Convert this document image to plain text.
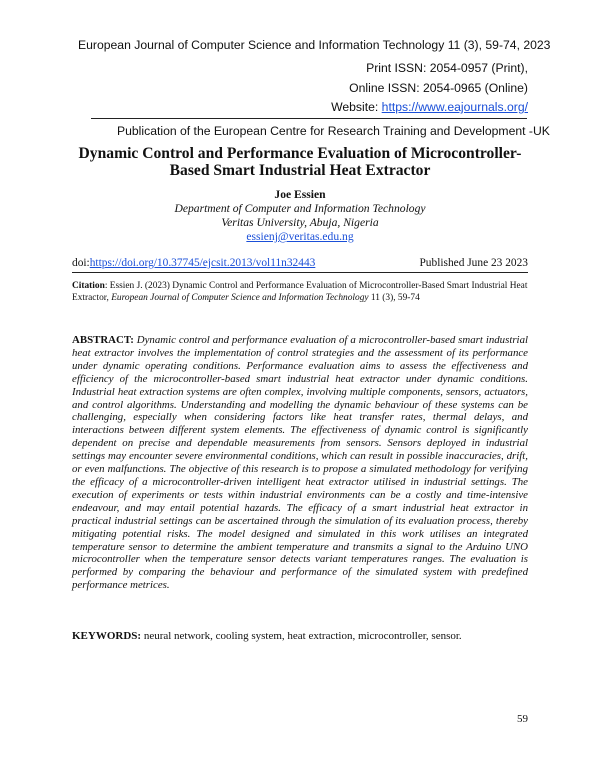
European Journal of Computer Science and Information Technology 11 (3), 59-74, 2023
Print ISSN: 2054-0957 (Print),
Online ISSN: 2054-0965 (Online)
Website: https://www.eajournals.org/
Publication of the European Centre for Research Training and Development -UK
Dynamic Control and Performance Evaluation of Microcontroller-
Based Smart Industrial Heat Extractor
Joe Essien
Department of Computer and Information Technology
Veritas University, Abuja, Nigeria
essienj@veritas.edu.ng
doi:https://doi.org/10.37745/ejcsit.2013/vol11n32443	Published June 23 2023
Citation: Essien J. (2023) Dynamic Control and Performance Evaluation of Microcontroller-Based Smart Industrial Heat Extractor, European Journal of Computer Science and Information Technology 11 (3), 59-74
ABSTRACT: Dynamic control and performance evaluation of a microcontroller-based smart industrial heat extractor involves the implementation of control strategies and the assessment of its performance under dynamic operating conditions. Performance evaluation aims to assess the effectiveness and efficiency of the microcontroller-based smart industrial heat extractor under dynamic conditions. Industrial heat extraction systems are often complex, involving multiple components, sensors, actuators, and control algorithms. Understanding and modelling the dynamic behaviour of these systems can be challenging, especially when considering factors like heat transfer rates, thermal delays, and interactions between different system elements. The effectiveness of dynamic control is significantly dependent on precise and dependable measurements from sensors. Sensors deployed in industrial settings may encounter severe environmental conditions, which can result in possible inaccuracies, drift, or even malfunctions. The objective of this research is to propose a simulated methodology for verifying the efficacy of a microcontroller-driven intelligent heat extractor utilised in industrial settings. The execution of experiments or tests within industrial environments can be a costly and time-intensive endeavour, and may entail potential hazards. The efficacy of a smart industrial heat extractor in practical industrial settings can be ascertained through the simulation of its evaluation process, thereby mitigating potential risks. The model designed and simulated in this work utilises an integrated temperature sensor to determine the ambient temperature and transmits a signal to the Arduino UNO microcontroller when the temperature sensor detects variant temperatures ranges. The evaluation is performed by comparing the behaviour and performance of the simulated system with predefined performance metrices.
KEYWORDS: neural network, cooling system, heat extraction, microcontroller, sensor.
59
